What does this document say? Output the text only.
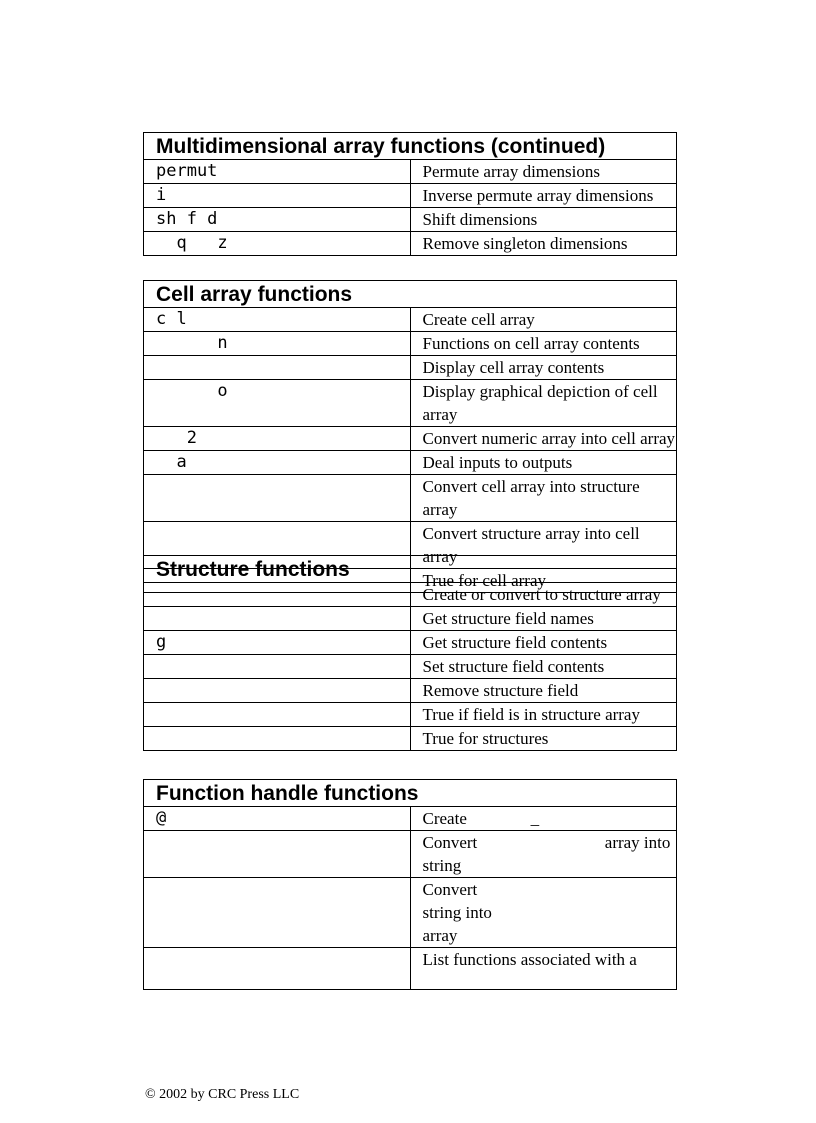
Multidimensional array functions (continued)	
permut	Permute array dimensions
i	Inverse permute array dimensions
sh f d	Shift dimensions
q   z	Remove singleton dimensions
Cell array functions	
c l	Create cell array
n	Functions on cell array contents
	Display cell array contents
o	Display graphical depiction of cell array
2	Convert numeric array into cell array
a	Deal inputs to outputs
	Convert cell array into structure array
	Convert structure array into cell array
	True for cell array
Structure functions	
	Create or convert to structure array
	Get structure field names
g	Get structure field contents
	Set structure field contents
	Remove structure field
	True if field is in structure array
	True for structures
Function handle functions	
@	Create               _
	Convert                              array into string
	Convert string into array
	List functions associated with a
© 2002 by CRC Press LLC
